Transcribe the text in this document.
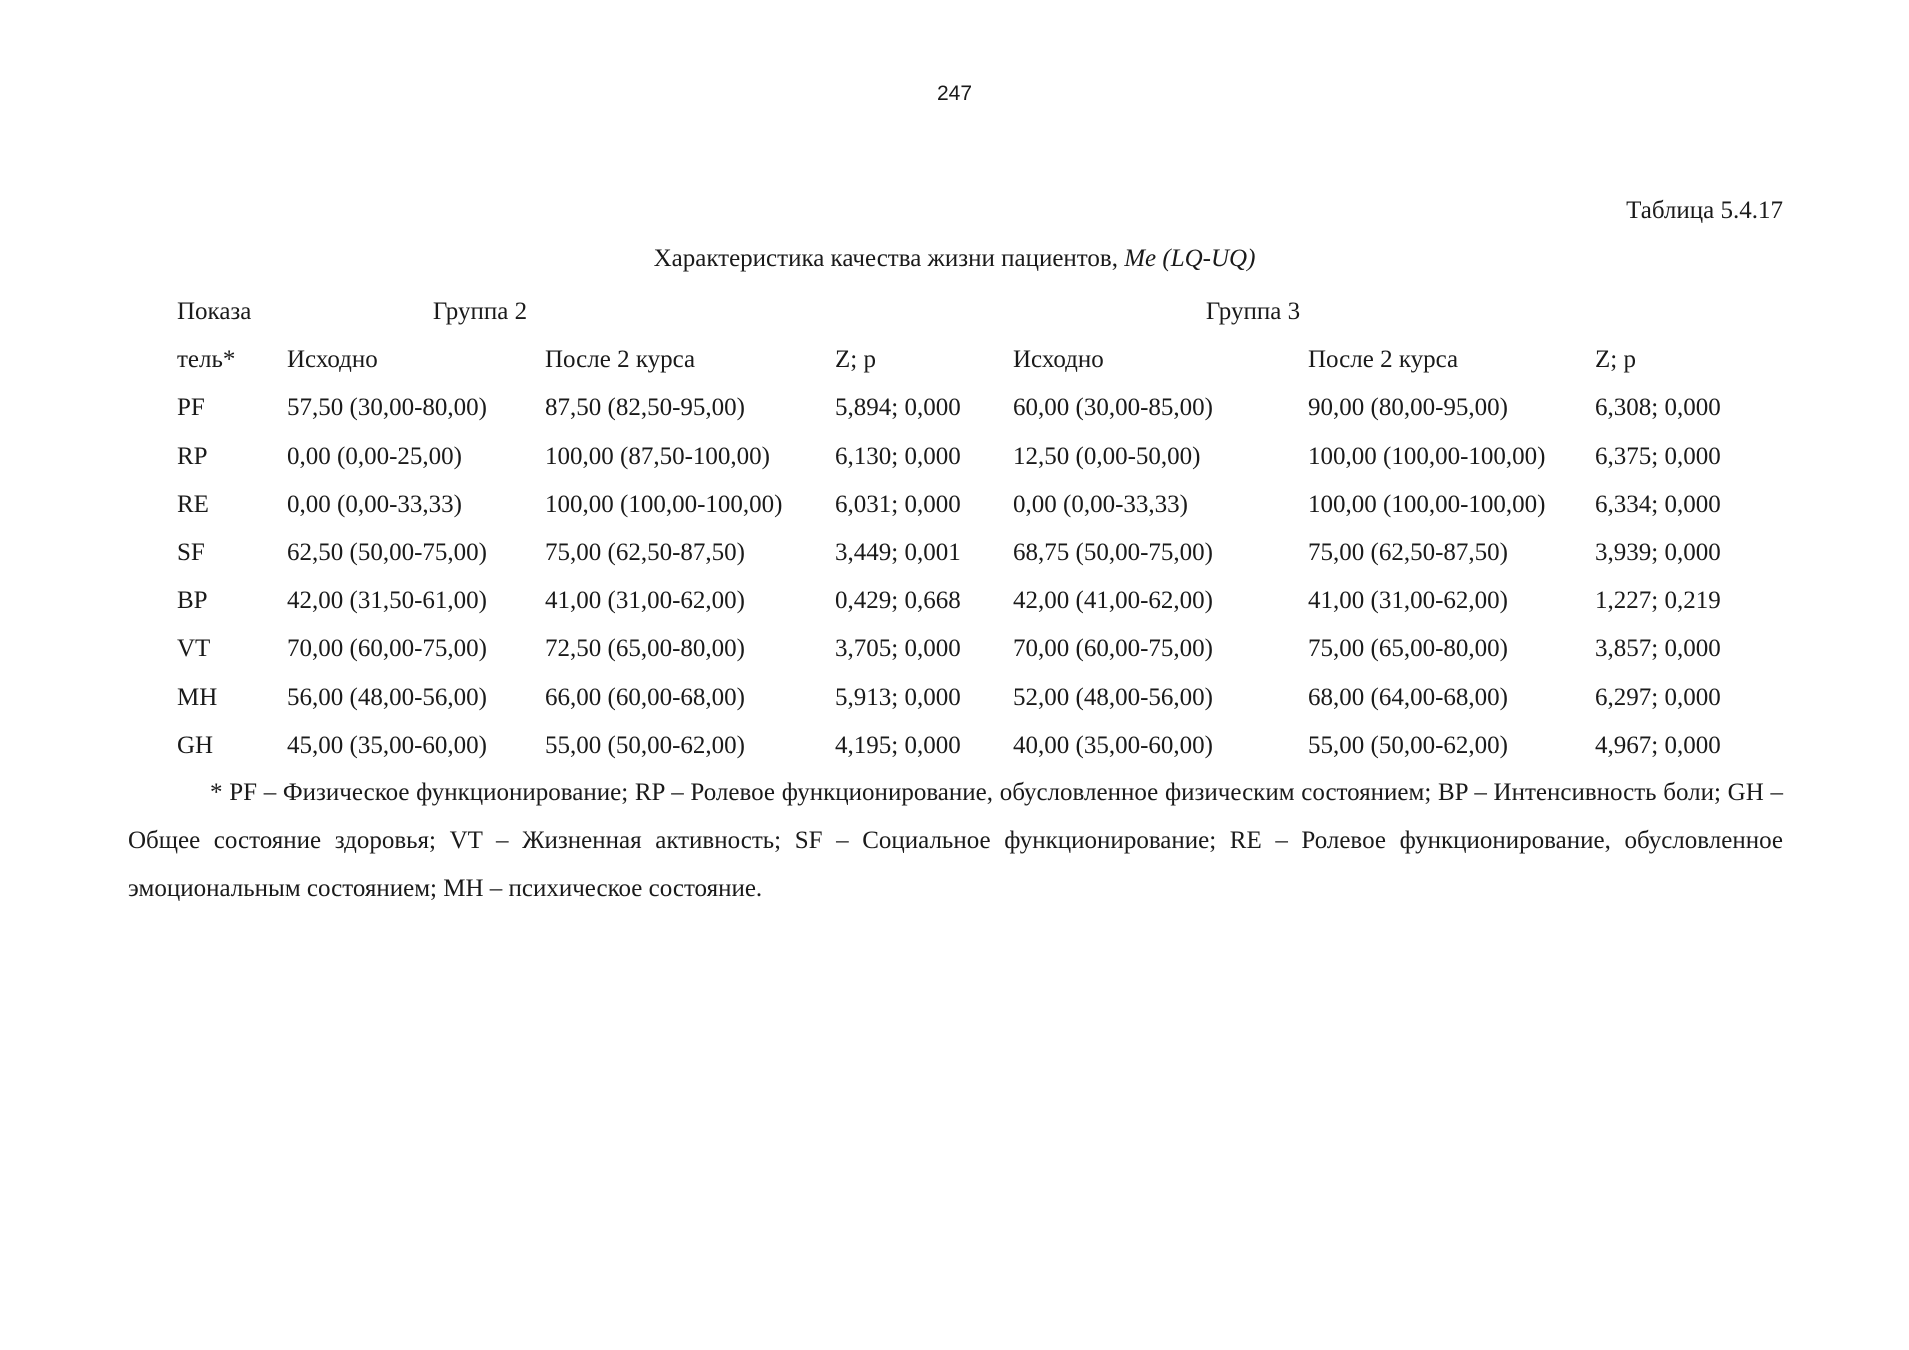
247
Таблица 5.4.17
Характеристика качества жизни пациентов, Me (LQ-UQ)
Показа	Группа 2			Группа 3		
тель*	Исходно	После 2 курса	Z; p	Исходно	После 2 курса	Z; p
PF	57,50 (30,00-80,00)	87,50 (82,50-95,00)	5,894; 0,000	60,00 (30,00-85,00)	90,00 (80,00-95,00)	6,308; 0,000
RP	0,00 (0,00-25,00)	100,00 (87,50-100,00)	6,130; 0,000	12,50 (0,00-50,00)	100,00 (100,00-100,00)	6,375; 0,000
RE	0,00 (0,00-33,33)	100,00 (100,00-100,00)	6,031; 0,000	0,00 (0,00-33,33)	100,00 (100,00-100,00)	6,334; 0,000
SF	62,50 (50,00-75,00)	75,00 (62,50-87,50)	3,449; 0,001	68,75 (50,00-75,00)	75,00 (62,50-87,50)	3,939; 0,000
BP	42,00 (31,50-61,00)	41,00 (31,00-62,00)	0,429; 0,668	42,00 (41,00-62,00)	41,00 (31,00-62,00)	1,227; 0,219
VT	70,00 (60,00-75,00)	72,50 (65,00-80,00)	3,705; 0,000	70,00 (60,00-75,00)	75,00 (65,00-80,00)	3,857; 0,000
MH	56,00 (48,00-56,00)	66,00 (60,00-68,00)	5,913; 0,000	52,00 (48,00-56,00)	68,00 (64,00-68,00)	6,297; 0,000
GH	45,00 (35,00-60,00)	55,00 (50,00-62,00)	4,195; 0,000	40,00 (35,00-60,00)	55,00 (50,00-62,00)	4,967; 0,000
* PF – Физическое функционирование; RP – Ролевое функционирование, обусловленное физическим состоянием; BP – Интенсивность боли; GH – Общее состояние здоровья; VT – Жизненная активность; SF – Социальное функционирование; RE – Ролевое функционирование, обусловленное эмоциональным состоянием; MH – психическое состояние.
